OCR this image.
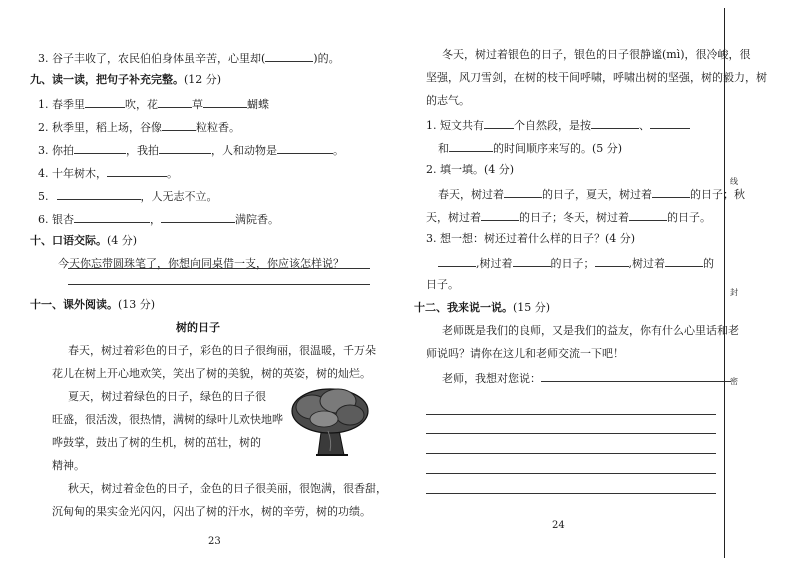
3. 谷子丰收了，农民伯伯身体虽辛苦，心里却(	)的。
九、读一读，把句子补充完整。(12 分)
1. 春季里	吹，花	草	蝴蝶
2. 秋季里，稻上场，谷像	粒粒香。
3. 你拍	，我拍	，人和动物是	。
4. 十年树木，	。
5.	，人无志不立。
6. 银杏	，	满院香。
十、口语交际。(4 分)
今天你忘带圆珠笔了，你想向同桌借一支，你应该怎样说？
十一、课外阅读。(13 分)
树的日子
春天，树过着彩色的日子，彩色的日子很绚丽，很温暖，千万朵
花儿在树上开心地欢笑，笑出了树的美貌，树的英姿，树的灿烂。
夏天，树过着绿色的日子，绿色的日子很
旺盛，很活泼，很热情，满树的绿叶儿欢快地哗
哗鼓掌，鼓出了树的生机，树的茁壮，树的
精神。
秋天，树过着金色的日子，金色的日子很美丽，很饱满，很香甜，
沉甸甸的果实金光闪闪，闪出了树的汗水，树的辛劳，树的功绩。
23
冬天，树过着银色的日子，银色的日子很静谧(mì)，很冷峻，很
坚强，风刀雪剑，在树的枝干间呼啸，呼啸出树的坚强，树的毅力，树
的志气。
1. 短文共有	个自然段，是按	、
和	的时间顺序来写的。(5 分)
2. 填一填。(4 分)
春天，树过着	的日子，夏天，树过着	的日子；秋
天，树过着	的日子；冬天，树过着	的日子。
3. 想一想：树还过着什么样的日子？(4 分)
,树过着	的日子；	,树过着	的
日子。
十二、我来说一说。(15 分)
老师既是我们的良师，又是我们的益友，你有什么心里话和老
师说吗？请你在这儿和老师交流一下吧！
老师，我想对您说：
24
线
封
密
